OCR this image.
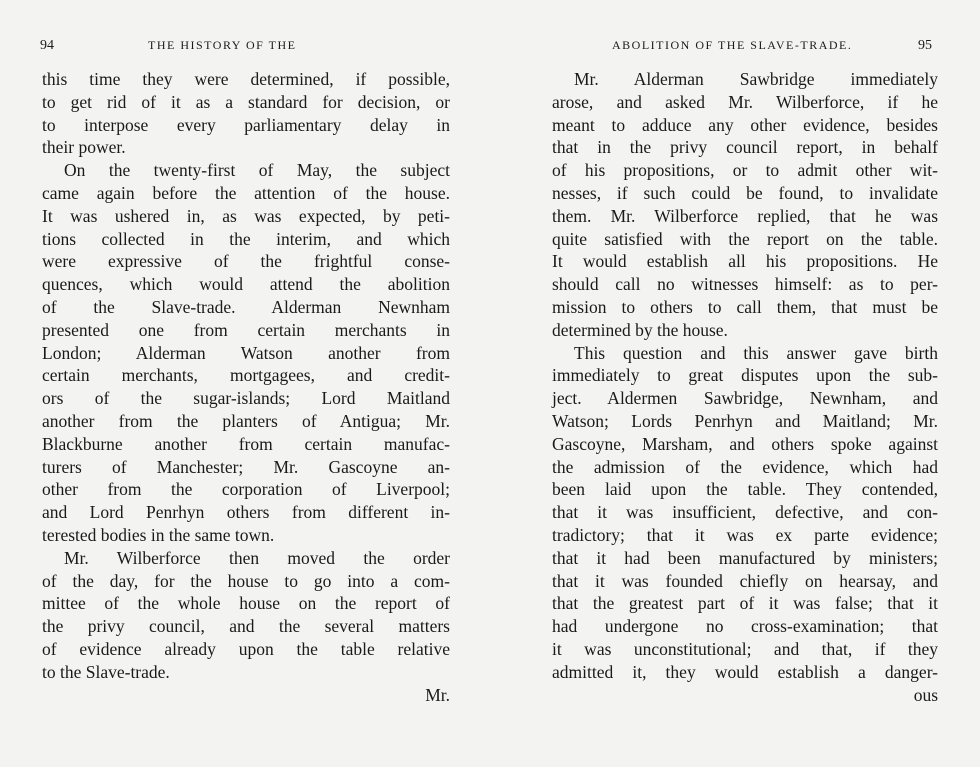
94	THE HISTORY OF THE
this time they were determined, if possible,
to get rid of it as a standard for decision, or
to interpose every parliamentary delay in
their power.
On the twenty-first of May, the subject
came again before the attention of the house.
It was ushered in, as was expected, by peti-
tions collected in the interim, and which
were expressive of the frightful conse-
quences, which would attend the abolition
of the Slave-trade. Alderman Newnham
presented one from certain merchants in
London; Alderman Watson another from
certain merchants, mortgagees, and credit-
ors of the sugar-islands; Lord Maitland
another from the planters of Antigua; Mr.
Blackburne another from certain manufac-
turers of Manchester; Mr. Gascoyne an-
other from the corporation of Liverpool;
and Lord Penrhyn others from different in-
terested bodies in the same town.
Mr. Wilberforce then moved the order
of the day, for the house to go into a com-
mittee of the whole house on the report of
the privy council, and the several matters
of evidence already upon the table relative
to the Slave-trade.
Mr.
ABOLITION OF THE SLAVE-TRADE.	95
Mr. Alderman Sawbridge immediately
arose, and asked Mr. Wilberforce, if he
meant to adduce any other evidence, besides
that in the privy council report, in behalf
of his propositions, or to admit other wit-
nesses, if such could be found, to invalidate
them. Mr. Wilberforce replied, that he was
quite satisfied with the report on the table.
It would establish all his propositions. He
should call no witnesses himself: as to per-
mission to others to call them, that must be
determined by the house.
This question and this answer gave birth
immediately to great disputes upon the sub-
ject. Aldermen Sawbridge, Newnham, and
Watson; Lords Penrhyn and Maitland; Mr.
Gascoyne, Marsham, and others spoke against
the admission of the evidence, which had
been laid upon the table. They contended,
that it was insufficient, defective, and con-
tradictory; that it was ex parte evidence;
that it had been manufactured by ministers;
that it was founded chiefly on hearsay, and
that the greatest part of it was false; that it
had undergone no cross-examination; that
it was unconstitutional; and that, if they
admitted it, they would establish a danger-
ous
